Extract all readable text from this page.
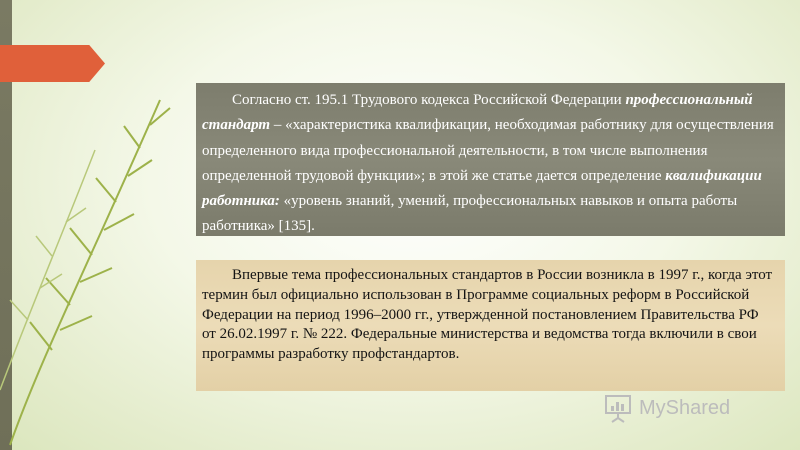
Согласно ст. 195.1 Трудового кодекса Российской Федерации профессиональный стандарт – «характеристика квалификации, необходимая работнику для осуществления определенного вида профессиональной деятельности, в том числе выполнения определенной трудовой функции»; в этой же статье дается определение квалификации работника: «уровень знаний, умений, профессиональных навыков и опыта работы работника» [135].

Впервые тема профессиональных стандартов в России возникла в 1997 г., когда этот термин был официально использован в Программе социальных реформ в Российской Федерации на период 1996–2000 гг., утвержденной постановлением Правительства РФ от 26.02.1997 г. № 222. Федеральные министерства и ведомства тогда включили в свои программы разработку профстандартов.

MyShared
